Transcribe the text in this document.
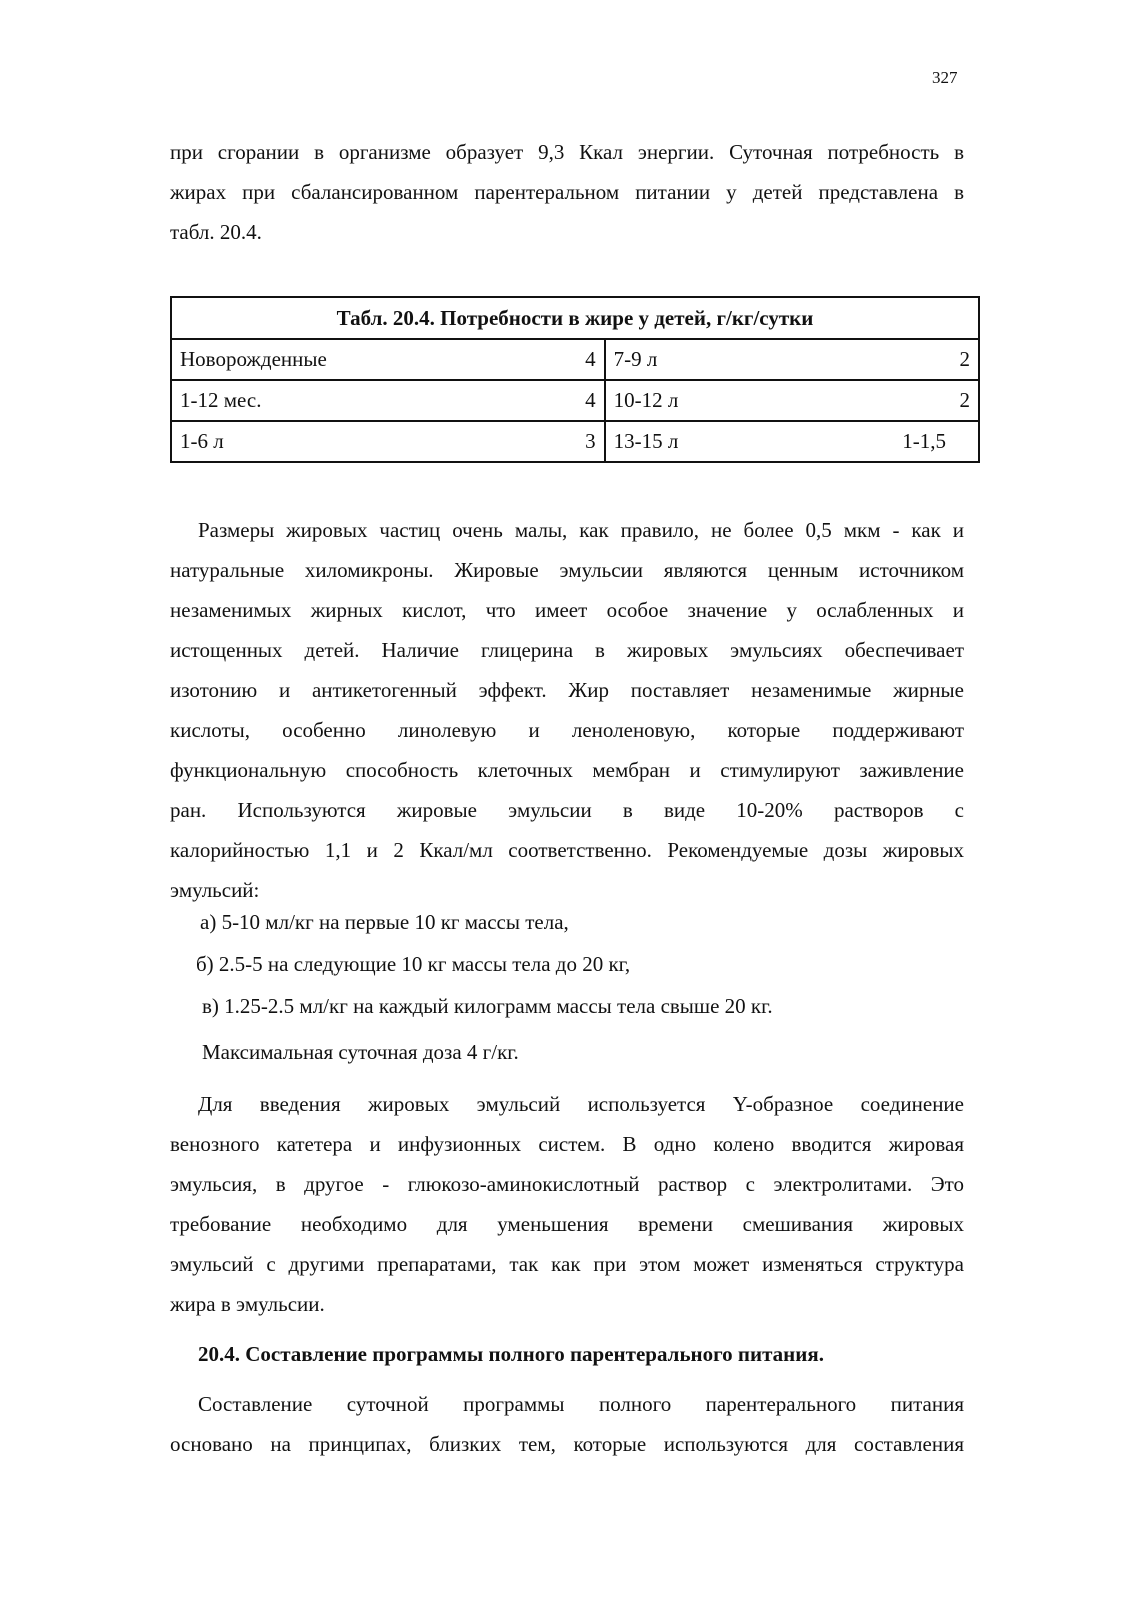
327
при сгорании в организме образует 9,3 Ккал энергии. Суточная потребность в
жирах при сбалансированном парентеральном питании у детей представлена в
табл. 20.4.
Табл. 20.4. Потребности в жире у детей, г/кг/сутки			
Новорожденные	4	7-9 л	2
1-12 мес.	4	10-12 л	2
1-6 л	3	13-15 л	1-1,5
Размеры жировых частиц очень малы, как правило, не более 0,5 мкм - как и
натуральные хиломикроны. Жировые эмульсии являются ценным источником
незаменимых жирных кислот, что имеет особое значение у ослабленных и
истощенных детей. Наличие глицерина в жировых эмульсиях обеспечивает
изотонию и антикетогенный эффект. Жир поставляет незаменимые жирные
кислоты, особенно линолевую и леноленовую, которые поддерживают
функциональную способность клеточных мембран и стимулируют заживление
ран. Используются жировые эмульсии в виде 10-20% растворов с
калорийностью 1,1 и 2 Ккал/мл соответственно. Рекомендуемые дозы жировых
эмульсий:
а) 5-10 мл/кг на первые 10 кг массы тела,
б) 2.5-5 на следующие 10 кг массы тела до 20 кг,
в) 1.25-2.5 мл/кг на каждый килограмм массы тела свыше 20 кг.
Максимальная суточная доза 4 г/кг.
Для введения жировых эмульсий используется Y-образное соединение
венозного катетера и инфузионных систем. В одно колено вводится жировая
эмульсия, в другое - глюкозо-аминокислотный раствор с электролитами. Это
требование необходимо для уменьшения времени смешивания жировых
эмульсий с другими препаратами, так как при этом может изменяться структура
жира в эмульсии.
20.4. Составление программы полного парентерального питания.
Составление суточной программы полного парентерального питания
основано на принципах, близких тем, которые используются для составления
